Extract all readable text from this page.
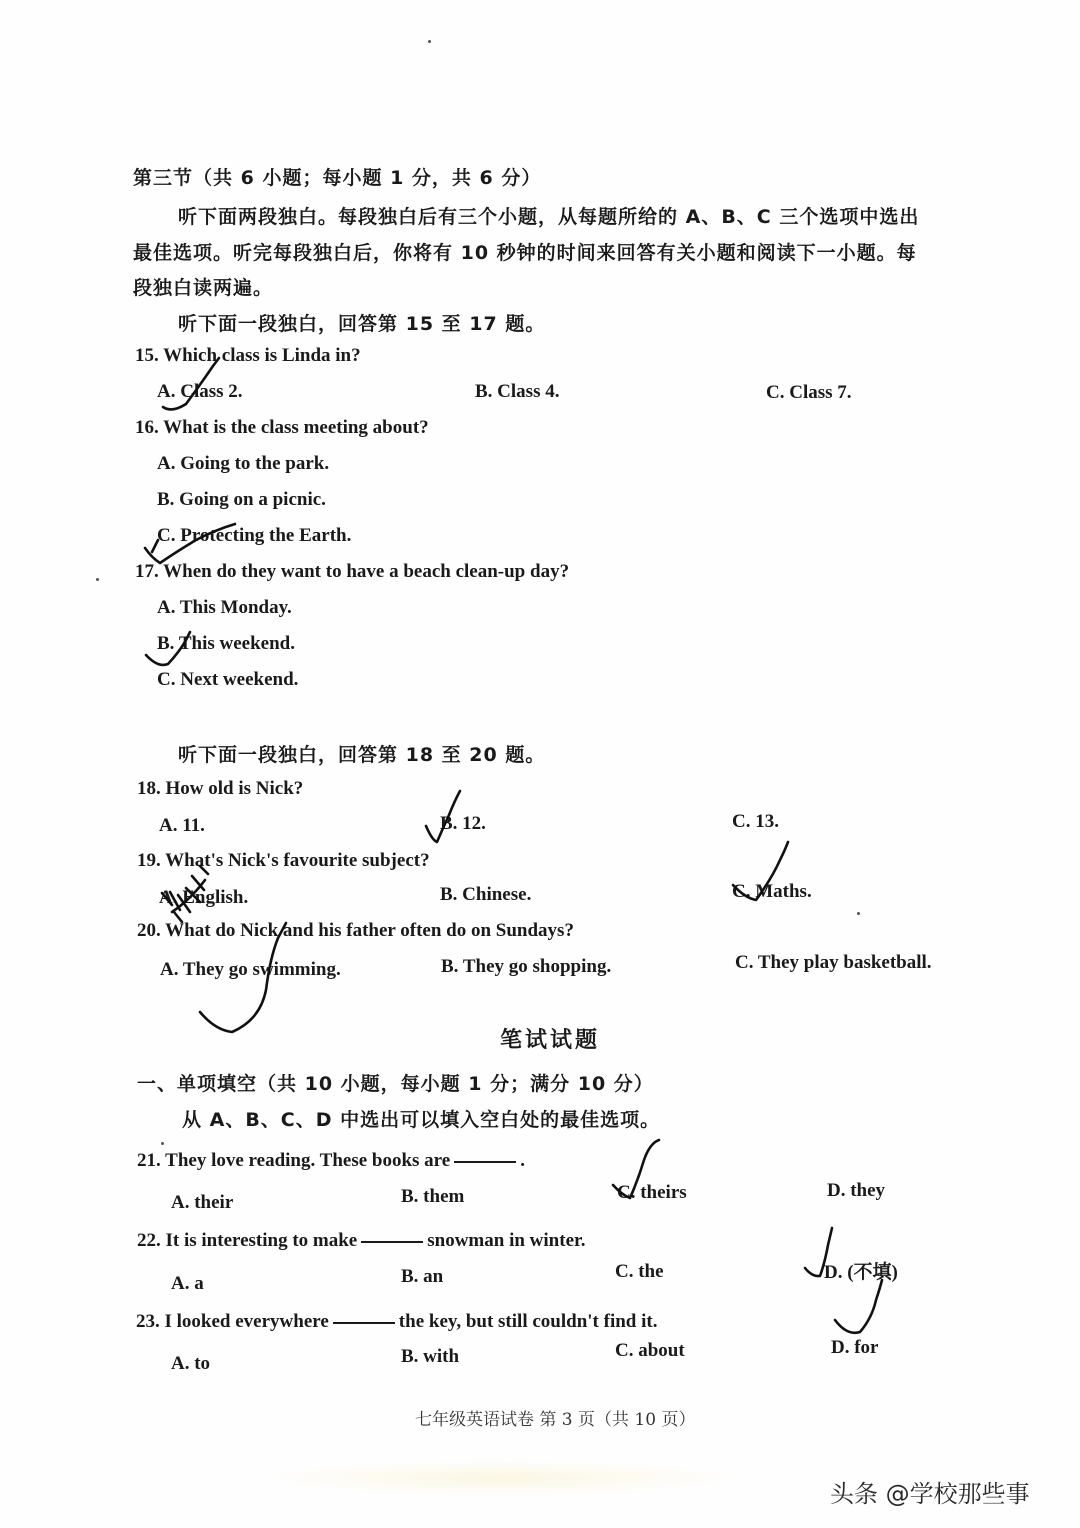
第三节（共 6 小题；每小题 1 分，共 6 分）
听下面两段独白。每段独白后有三个小题，从每题所给的 A、B、C 三个选项中选出
最佳选项。听完每段独白后，你将有 10 秒钟的时间来回答有关小题和阅读下一小题。每
段独白读两遍。
听下面一段独白，回答第 15 至 17 题。
15. Which class is Linda in?
A. Class 2.	B. Class 4.	C. Class 7.
16. What is the class meeting about?
A. Going to the park.
B. Going on a picnic.
C. Protecting the Earth.
17. When do they want to have a beach clean-up day?
A. This Monday.
B. This weekend.
C. Next weekend.
听下面一段独白，回答第 18 至 20 题。
18. How old is Nick?
A. 11.	B. 12.	C. 13.
19. What's Nick's favourite subject?
A. English.	B. Chinese.	C. Maths.
20. What do Nick and his father often do on Sundays?
A. They go swimming.	B. They go shopping.	C. They play basketball.
笔试试题
一、单项填空（共 10 小题，每小题 1 分；满分 10 分）
从 A、B、C、D 中选出可以填入空白处的最佳选项。
21. They love reading. These books are	.
A. their	B. them	C. theirs	D. they
22. It is interesting to make	snowman in winter.
A. a	B. an	C. the	D. (不填)
23. I looked everywhere	the key, but still couldn't find it.
A. to	B. with	C. about	D. for
七年级英语试卷 第 3 页（共 10 页）
头条 @学校那些事
